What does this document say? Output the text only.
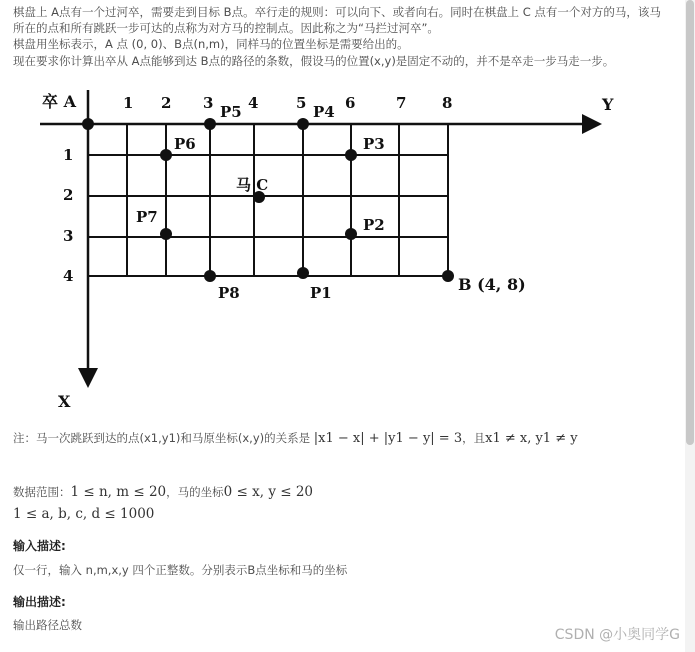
棋盘上 A点有一个过河卒，需要走到目标 B点。卒行走的规则：可以向下、或者向右。同时在棋盘上 C 点有一个对方的马，该马

所在的点和所有跳跃一步可达的点称为对方马的控制点。因此称之为“马拦过河卒”。

棋盘用坐标表示，A 点 (0, 0)、B点(n,m)，同样马的位置坐标是需要给出的。

现在要求你计算出卒从 A点能够到达 B点的路径的条数，假设马的位置(x,y)是固定不动的，并不是卒走一步马走一步。

卒 A	1 2 3 4	5	6	7 8	Y
1
2
3
4
X
P5	P4
P6	P3
马 C
P7	P2
P8	P1	B (4, 8)
注：马一次跳跃到达的点(x1,y1)和马原坐标(x,y)的关系是 |x1 − x| + |y1 − y| = 3，且x1 ≠ x, y1 ≠ y
数据范围：1 ≤ n, m ≤ 20，马的坐标0 ≤ x, y ≤ 20
1 ≤ a, b, c, d ≤ 1000
输入描述:
仅一行，输入 n,m,x,y 四个正整数。分别表示B点坐标和马的坐标
输出描述:
输出路径总数
CSDN @小奥同学G
